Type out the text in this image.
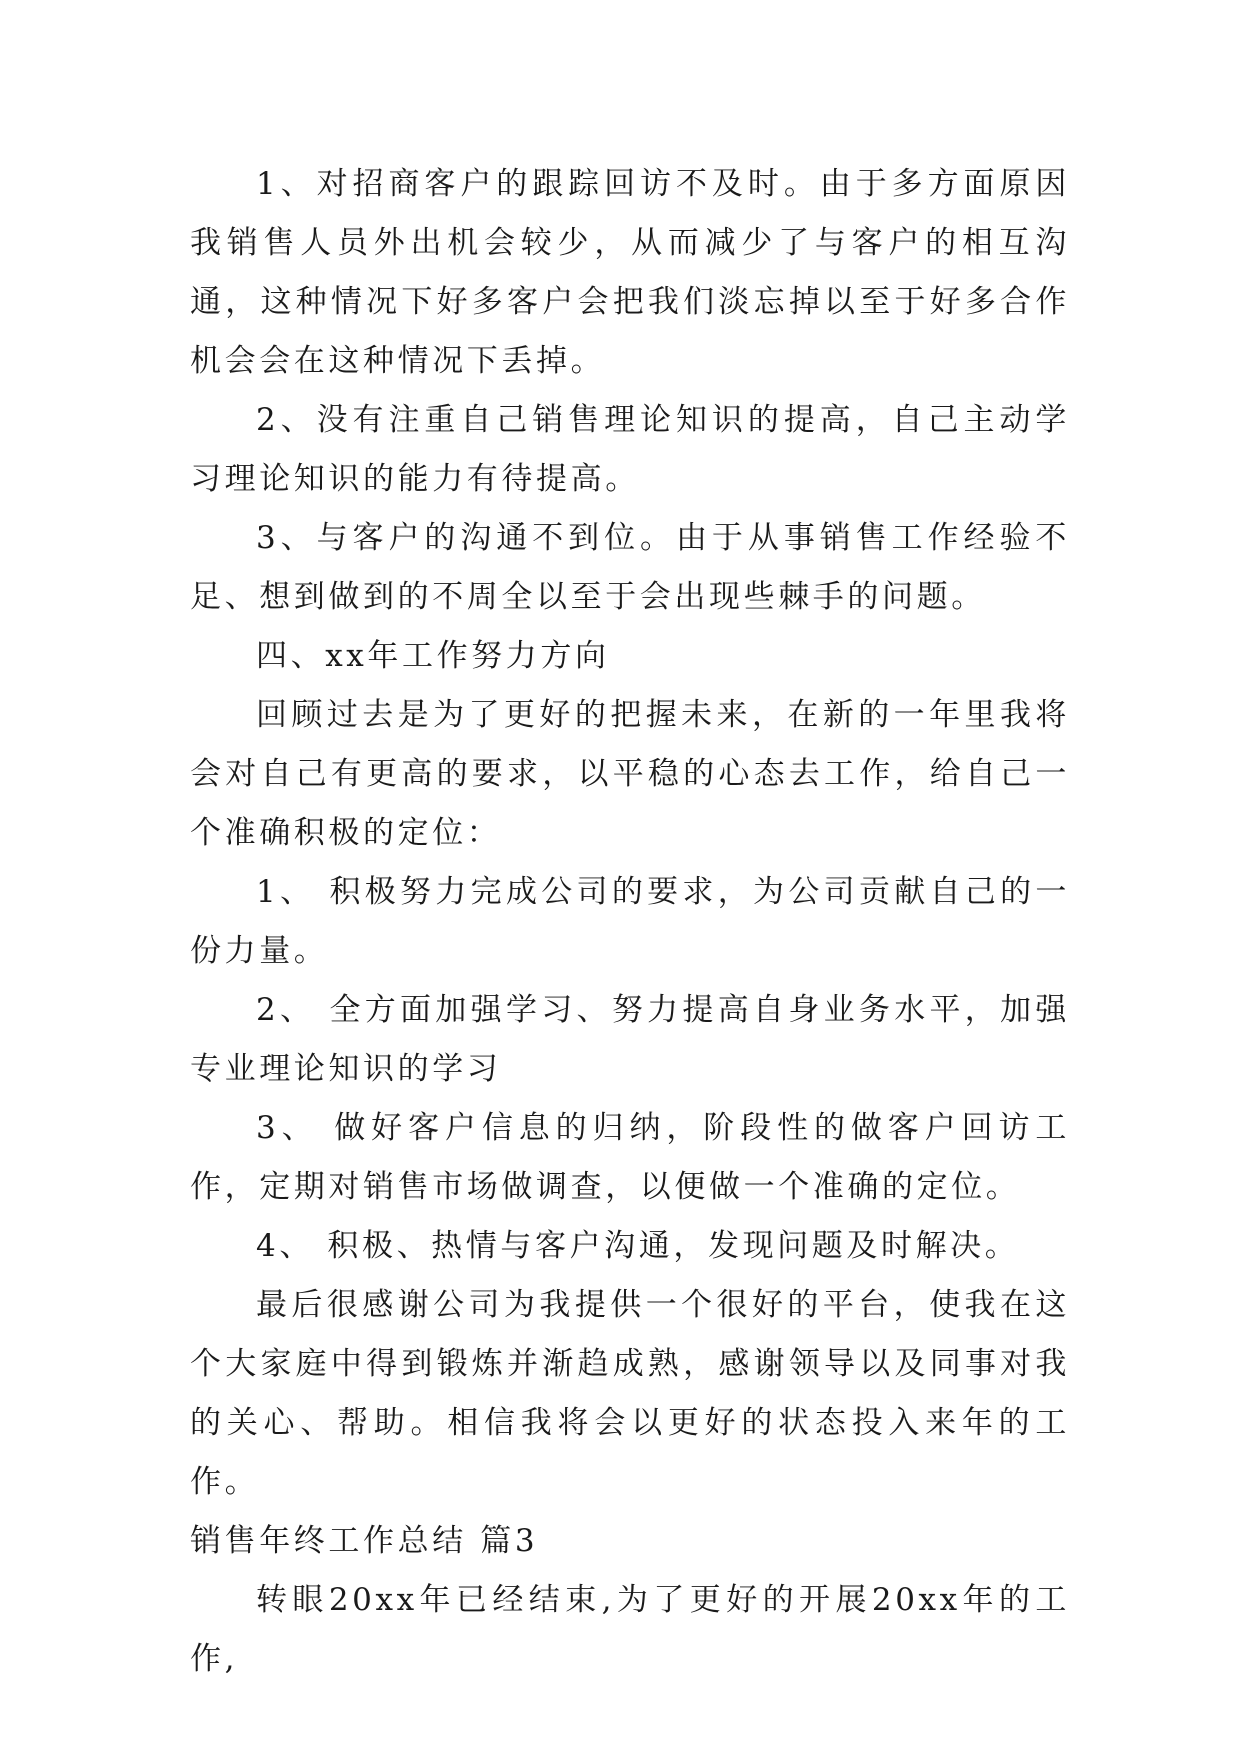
1、对招商客户的跟踪回访不及时。由于多方面原因我销售人员外出机会较少，从而减少了与客户的相互沟通，这种情况下好多客户会把我们淡忘掉以至于好多合作机会会在这种情况下丢掉。

2、没有注重自己销售理论知识的提高，自己主动学习理论知识的能力有待提高。

3、与客户的沟通不到位。由于从事销售工作经验不足、想到做到的不周全以至于会出现些棘手的问题。

四、xx年工作努力方向

回顾过去是为了更好的把握未来，在新的一年里我将会对自己有更高的要求，以平稳的心态去工作，给自己一个准确积极的定位：

1、 积极努力完成公司的要求，为公司贡献自己的一份力量。

2、 全方面加强学习、努力提高自身业务水平，加强专业理论知识的学习

3、 做好客户信息的归纳，阶段性的做客户回访工作，定期对销售市场做调查，以便做一个准确的定位。

4、 积极、热情与客户沟通，发现问题及时解决。

最后很感谢公司为我提供一个很好的平台，使我在这个大家庭中得到锻炼并渐趋成熟，感谢领导以及同事对我的关心、帮助。相信我将会以更好的状态投入来年的工作。

销售年终工作总结 篇3

转眼20xx年已经结束,为了更好的开展20xx年的工作,
